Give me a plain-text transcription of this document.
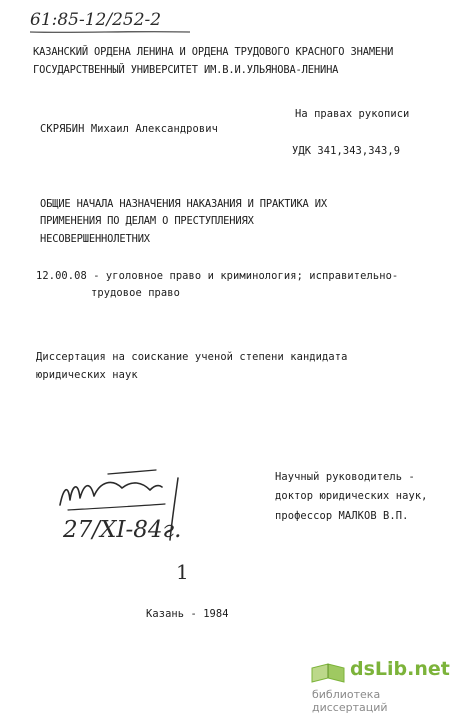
61:85-12/252-2
КАЗАНСКИЙ ОРДЕНА ЛЕНИНА И ОРДЕНА ТРУДОВОГО КРАСНОГО ЗНАМЕНИ
ГОСУДАРСТВЕННЫЙ УНИВЕРСИТЕТ ИМ.В.И.УЛЬЯНОВА-ЛЕНИНА
На правах рукописи
СКРЯБИН Михаил Александрович
УДК 341,343,343,9
ОБЩИЕ НАЧАЛА НАЗНАЧЕНИЯ НАКАЗАНИЯ И ПРАКТИКА ИХ
ПРИМЕНЕНИЯ ПО ДЕЛАМ О ПРЕСТУПЛЕНИЯХ
НЕСОВЕРШЕННОЛЕТНИХ
12.00.08 - уголовное право и криминология; исправительно-
трудовое право
Диссертация на соискание ученой степени кандидата
юридических наук
Научный руководитель -
доктор юридических наук,
профессор МАЛКОВ В.П.
27/XI-84г.
1
Казань - 1984
dsLib.net
библиотека диссертаций
